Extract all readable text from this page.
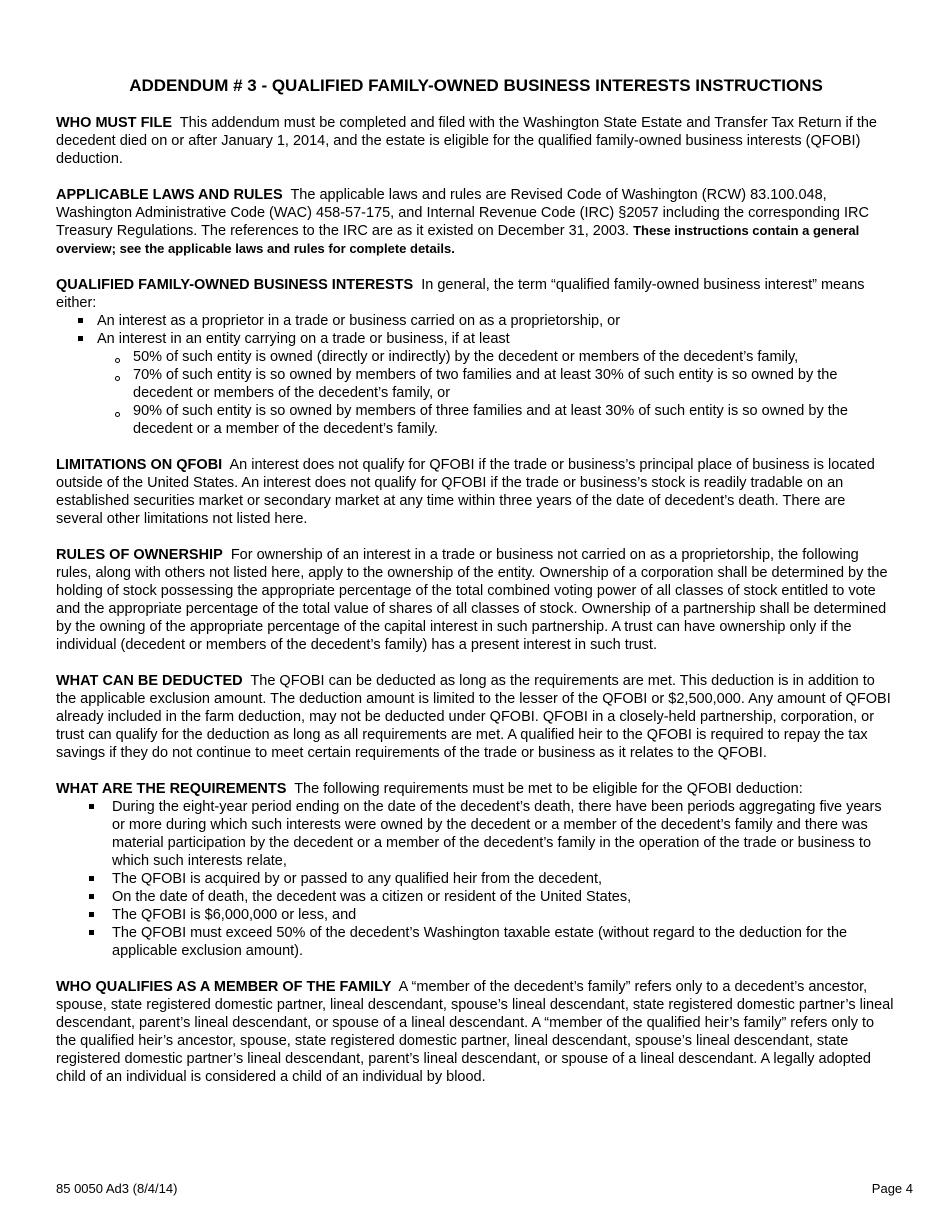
ADDENDUM # 3 - QUALIFIED FAMILY-OWNED BUSINESS INTERESTS INSTRUCTIONS

WHO MUST FILE This addendum must be completed and filed with the Washington State Estate and Transfer Tax Return if the decedent died on or after January 1, 2014, and the estate is eligible for the qualified family-owned business interests (QFOBI) deduction.

APPLICABLE LAWS AND RULES The applicable laws and rules are Revised Code of Washington (RCW) 83.100.048, Washington Administrative Code (WAC) 458-57-175, and Internal Revenue Code (IRC) §2057 including the corresponding IRC Treasury Regulations. The references to the IRC are as it existed on December 31, 2003. These instructions contain a general overview; see the applicable laws and rules for complete details.

QUALIFIED FAMILY-OWNED BUSINESS INTERESTS In general, the term “qualified family-owned business interest” means either:

An interest as a proprietor in a trade or business carried on as a proprietorship, or
An interest in an entity carrying on a trade or business, if at least
50% of such entity is owned (directly or indirectly) by the decedent or members of the decedent’s family,
70% of such entity is so owned by members of two families and at least 30% of such entity is so owned by the decedent or members of the decedent’s family, or
90% of such entity is so owned by members of three families and at least 30% of such entity is so owned by the decedent or a member of the decedent’s family.

LIMITATIONS ON QFOBI An interest does not qualify for QFOBI if the trade or business’s principal place of business is located outside of the United States. An interest does not qualify for QFOBI if the trade or business’s stock is readily tradable on an established securities market or secondary market at any time within three years of the date of decedent’s death. There are several other limitations not listed here.

RULES OF OWNERSHIP For ownership of an interest in a trade or business not carried on as a proprietorship, the following rules, along with others not listed here, apply to the ownership of the entity. Ownership of a corporation shall be determined by the holding of stock possessing the appropriate percentage of the total combined voting power of all classes of stock entitled to vote and the appropriate percentage of the total value of shares of all classes of stock. Ownership of a partnership shall be determined by the owning of the appropriate percentage of the capital interest in such partnership. A trust can have ownership only if the individual (decedent or members of the decedent’s family) has a present interest in such trust.

WHAT CAN BE DEDUCTED The QFOBI can be deducted as long as the requirements are met. This deduction is in addition to the applicable exclusion amount. The deduction amount is limited to the lesser of the QFOBI or $2,500,000. Any amount of QFOBI already included in the farm deduction, may not be deducted under QFOBI. QFOBI in a closely-held partnership, corporation, or trust can qualify for the deduction as long as all requirements are met. A qualified heir to the QFOBI is required to repay the tax savings if they do not continue to meet certain requirements of the trade or business as it relates to the QFOBI.

WHAT ARE THE REQUIREMENTS The following requirements must be met to be eligible for the QFOBI deduction:

During the eight-year period ending on the date of the decedent’s death, there have been periods aggregating five years or more during which such interests were owned by the decedent or a member of the decedent’s family and there was material participation by the decedent or a member of the decedent’s family in the operation of the trade or business to which such interests relate,
The QFOBI is acquired by or passed to any qualified heir from the decedent,
On the date of death, the decedent was a citizen or resident of the United States,
The QFOBI is $6,000,000 or less, and
The QFOBI must exceed 50% of the decedent’s Washington taxable estate (without regard to the deduction for the applicable exclusion amount).

WHO QUALIFIES AS A MEMBER OF THE FAMILY A “member of the decedent’s family” refers only to a decedent’s ancestor, spouse, state registered domestic partner, lineal descendant, spouse’s lineal descendant, state registered domestic partner’s lineal descendant, parent’s lineal descendant, or spouse of a lineal descendant. A “member of the qualified heir’s family” refers only to the qualified heir’s ancestor, spouse, state registered domestic partner, lineal descendant, spouse’s lineal descendant, state registered domestic partner’s lineal descendant, parent’s lineal descendant, or spouse of a lineal descendant. A legally adopted child of an individual is considered a child of an individual by blood.

85 0050 Ad3 (8/4/14)	Page 4
